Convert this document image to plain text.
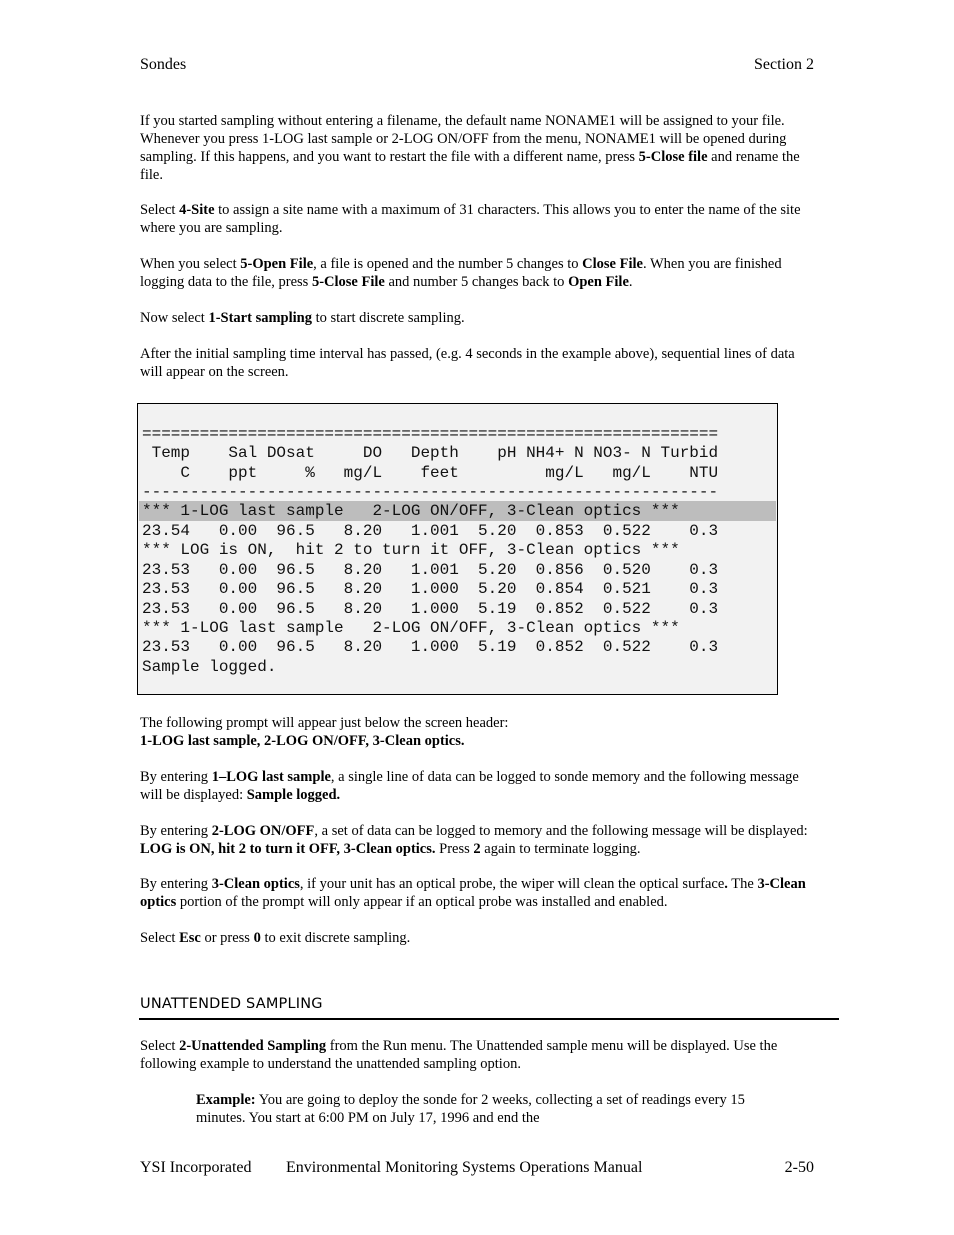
Sondes	Section 2
If you started sampling without entering a filename, the default name NONAME1 will be assigned to your file. Whenever you press 1-LOG last sample or 2-LOG ON/OFF from the menu, NONAME1 will be opened during sampling. If this happens, and you want to restart the file with a different name, press 5-Close file and rename the file.
Select 4-Site to assign a site name with a maximum of 31 characters. This allows you to enter the name of the site where you are sampling.
When you select 5-Open File, a file is opened and the number 5 changes to Close File. When you are finished logging data to the file, press 5-Close File and number 5 changes back to Open File.
Now select 1-Start sampling to start discrete sampling.
After the initial sampling time interval has passed, (e.g. 4 seconds in the example above), sequential lines of data will appear on the screen.
============================================================
Temp    Sal DOsat     DO   Depth    pH NH4+ N NO3- N Turbid
C    ppt     %   mg/L    feet         mg/L   mg/L    NTU
------------------------------------------------------------
*** 1-LOG last sample   2-LOG ON/OFF, 3-Clean optics ***
23.54   0.00  96.5   8.20   1.001  5.20  0.853  0.522    0.3
*** LOG is ON,  hit 2 to turn it OFF, 3-Clean optics ***
23.53   0.00  96.5   8.20   1.001  5.20  0.856  0.520    0.3
23.53   0.00  96.5   8.20   1.000  5.20  0.854  0.521    0.3
23.53   0.00  96.5   8.20   1.000  5.19  0.852  0.522    0.3
*** 1-LOG last sample   2-LOG ON/OFF, 3-Clean optics ***
23.53   0.00  96.5   8.20   1.000  5.19  0.852  0.522    0.3
Sample logged.
The following prompt will appear just below the screen header:
1-LOG last sample, 2-LOG ON/OFF, 3-Clean optics.
By entering 1–LOG last sample, a single line of data can be logged to sonde memory and the following message will be displayed: Sample logged.
By entering 2-LOG ON/OFF, a set of data can be logged to memory and the following message will be displayed: LOG is ON, hit 2 to turn it OFF, 3-Clean optics. Press 2 again to terminate logging.
By entering 3-Clean optics, if your unit has an optical probe, the wiper will clean the optical surface. The 3-Clean optics portion of the prompt will only appear if an optical probe was installed and enabled.
Select Esc or press 0 to exit discrete sampling.
UNATTENDED SAMPLING
Select 2-Unattended Sampling from the Run menu. The Unattended sample menu will be displayed. Use the following example to understand the unattended sampling option.
Example: You are going to deploy the sonde for 2 weeks, collecting a set of readings every 15 minutes. You start at 6:00 PM on July 17, 1996 and end the
YSI Incorporated Environmental Monitoring Systems Operations Manual	2-50
